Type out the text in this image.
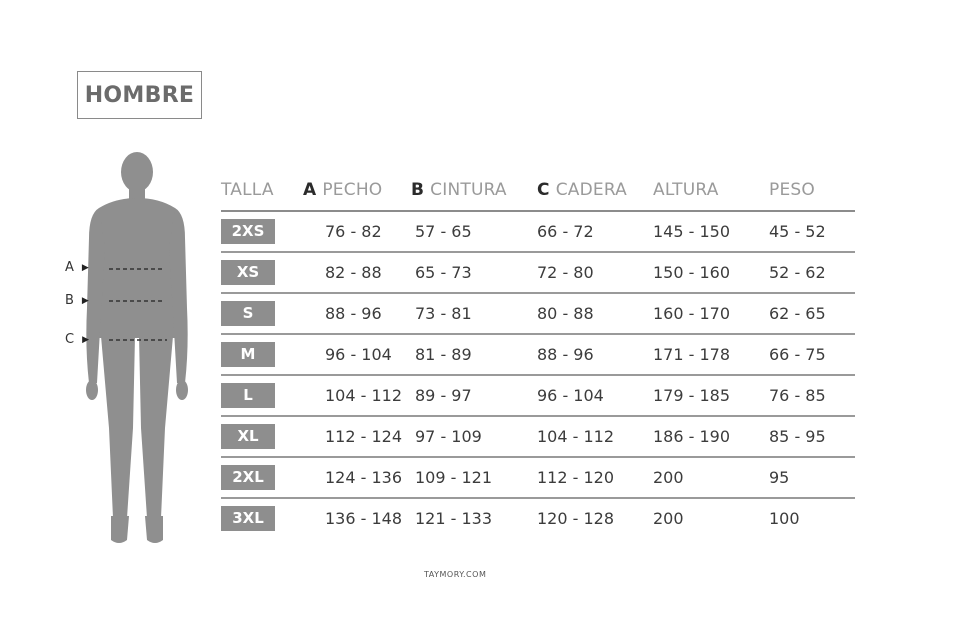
HOMBRE
A ▶
B ▶
C ▶
TALLA	A PECHO	B CINTURA	C CADERA	ALTURA	PESO
2XS	76 - 82	57 - 65	66 - 72	145 - 150	45 - 52
XS	82 - 88	65 - 73	72 - 80	150 - 160	52 - 62
S	88 - 96	73 - 81	80 - 88	160 - 170	62 - 65
M	96 - 104	81 - 89	88 - 96	171 - 178	66 - 75
L	104 - 112	89 - 97	96 - 104	179 - 185	76 - 85
XL	112 - 124	97 - 109	104 - 112	186 - 190	85 - 95
2XL	124 - 136	109 - 121	112 - 120	200	95
3XL	136 - 148	121 - 133	120 - 128	200	100
TAYMORY.COM
